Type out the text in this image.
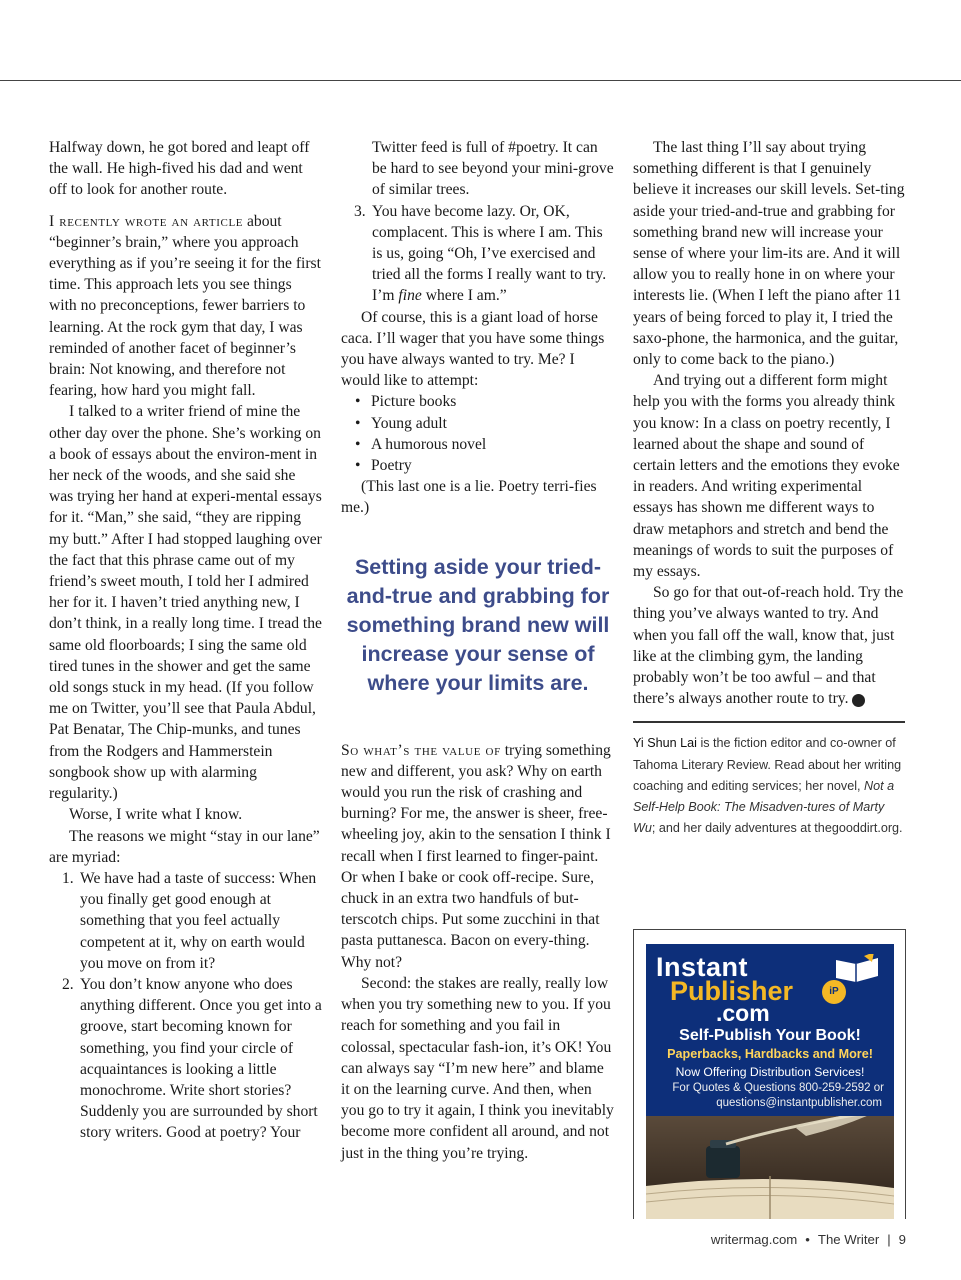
Halfway down, he got bored and leapt off the wall. He high-fived his dad and went off to look for another route.

I recently wrote an article about “beginner’s brain,” where you approach everything as if you’re seeing it for the first time. This approach lets you see things with no preconceptions, fewer barriers to learning. At the rock gym that day, I was reminded of another facet of beginner’s brain: Not knowing, and therefore not fearing, how hard you might fall.

I talked to a writer friend of mine the other day over the phone. She’s working on a book of essays about the environ-ment in her neck of the woods, and she said she was trying her hand at experi-mental essays for it. “Man,” she said, “they are ripping my butt.” After I had stopped laughing over the fact that this phrase came out of my friend’s sweet mouth, I told her I admired her for it. I haven’t tried anything new, I don’t think, in a really long time. I tread the same old floorboards; I sing the same old tired tunes in the shower and get the same old songs stuck in my head. (If you follow me on Twitter, you’ll see that Paula Abdul, Pat Benatar, The Chip-munks, and tunes from the Rodgers and Hammerstein songbook show up with alarming regularity.)

Worse, I write what I know.

The reasons we might “stay in our lane” are myriad:

1. We have had a taste of success: When you finally get good enough at something that you feel actually competent at it, why on earth would you move on from it?
2. You don’t know anyone who does anything different. Once you get into a groove, start becoming known for something, you find your circle of acquaintances is looking a little monochrome. Write short stories? Suddenly you are surrounded by short story writers. Good at poetry? Your
Twitter feed is full of #poetry. It can be hard to see beyond your mini-grove of similar trees.
3. You have become lazy. Or, OK, complacent. This is where I am. This is us, going “Oh, I’ve exercised and tried all the forms I really want to try. I’m fine where I am.”

Of course, this is a giant load of horse caca. I’ll wager that you have some things you have always wanted to try. Me? I would like to attempt:

• Picture books
• Young adult
• A humorous novel
• Poetry

(This last one is a lie. Poetry terri-fies me.)

Setting aside your tried-and-true and grabbing for something brand new will increase your sense of where your limits are.

So what’s the value of trying something new and different, you ask? Why on earth would you run the risk of crashing and burning? For me, the answer is sheer, free-wheeling joy, akin to the sensation I think I recall when I first learned to finger-paint. Or when I bake or cook off-recipe. Sure, chuck in an extra two handfuls of but-terscotch chips. Put some zucchini in that pasta puttanesca. Bacon on every-thing. Why not?

Second: the stakes are really, really low when you try something new to you. If you reach for something and you fail in colossal, spectacular fash-ion, it’s OK! You can always say “I’m new here” and blame it on the learning curve. And then, when you go to try it again, I think you inevitably become more confident all around, and not just in the thing you’re trying.

The last thing I’ll say about trying something different is that I genuinely believe it increases our skill levels. Set-ting aside your tried-and-true and grabbing for something brand new will increase your sense of where your lim-its are. And it will allow you to really hone in on where your interests lie. (When I left the piano after 11 years of being forced to play it, I tried the saxo-phone, the harmonica, and the guitar, only to come back to the piano.)

And trying out a different form might help you with the forms you already think you know: In a class on poetry recently, I learned about the shape and sound of certain letters and the emotions they evoke in readers. And writing experimental essays has shown me different ways to draw metaphors and stretch and bend the meanings of words to suit the purposes of my essays.

So go for that out-of-reach hold. Try the thing you’ve always wanted to try. And when you fall off the wall, know that, just like at the climbing gym, the landing probably won’t be too awful – and that there’s always another route to try.	W

Yi Shun Lai is the fiction editor and co-owner of Tahoma Literary Review. Read about her writing coaching and editing services; her novel, Not a Self-Help Book: The Misadven-tures of Marty Wu; and her daily adventures at thegooddirt.org.
Instant
Publisher	iP
.com
Self-Publish Your Book!
Paperbacks, Hardbacks and More!
Now Offering Distribution Services!
For Quotes & Questions 800-259-2592 or
questions@instantpublisher.com
writermag.com • The Writer | 9
